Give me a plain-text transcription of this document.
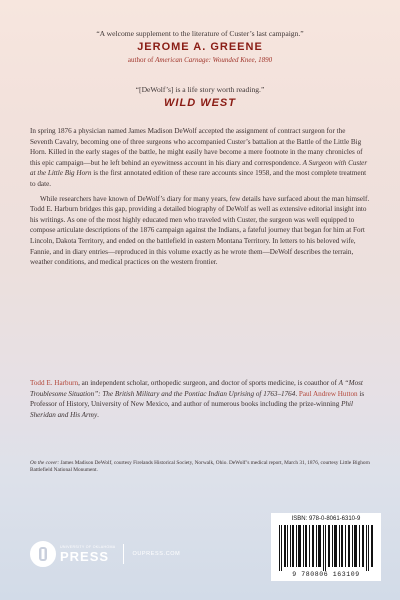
“A welcome supplement to the literature of Custer’s last campaign.”
JEROME A. GREENE
author of American Carnage: Wounded Knee, 1890
“[DeWolf’s] is a life story worth reading.”
WILD WEST

In spring 1876 a physician named James Madison DeWolf accepted the assignment of contract surgeon for the Seventh Cavalry, becoming one of three surgeons who accompanied Custer’s battalion at the Battle of the Little Big Horn. Killed in the early stages of the battle, he might easily have become a mere footnote in the many chronicles of this epic campaign—but he left behind an eyewitness account in his diary and correspondence. A Surgeon with Custer at the Little Big Horn is the first annotated edition of these rare accounts since 1958, and the most complete treatment to date.

While researchers have known of DeWolf’s diary for many years, few details have surfaced about the man himself. Todd E. Harburn bridges this gap, providing a detailed biography of DeWolf as well as extensive editorial insight into his writings. As one of the most highly educated men who traveled with Custer, the surgeon was well equipped to compose articulate descriptions of the 1876 campaign against the Indians, a fateful journey that began for him at Fort Lincoln, Dakota Territory, and ended on the battlefield in eastern Montana Territory. In letters to his beloved wife, Fannie, and in diary entries—reproduced in this volume exactly as he wrote them—DeWolf describes the terrain, weather conditions, and medical practices on the western frontier.

Todd E. Harburn, an independent scholar, orthopedic surgeon, and doctor of sports medicine, is coauthor of A “Most Troublesome Situation”: The British Military and the Pontiac Indian Uprising of 1763–1764. Paul Andrew Hutton is Professor of History, University of New Mexico, and author of numerous books including the prize-winning Phil Sheridan and His Army.

On the cover: James Madison DeWolf, courtesy Firelands Historical Society, Norwalk, Ohio. DeWolf’s medical report, March 31, 1876, courtesy Little Bighorn Battlefield National Monument.
UNIVERSITY OF OKLAHOMA
PRESS	OUPRESS.COM
ISBN: 978-0-8061-6310-9
9 780806 163109
